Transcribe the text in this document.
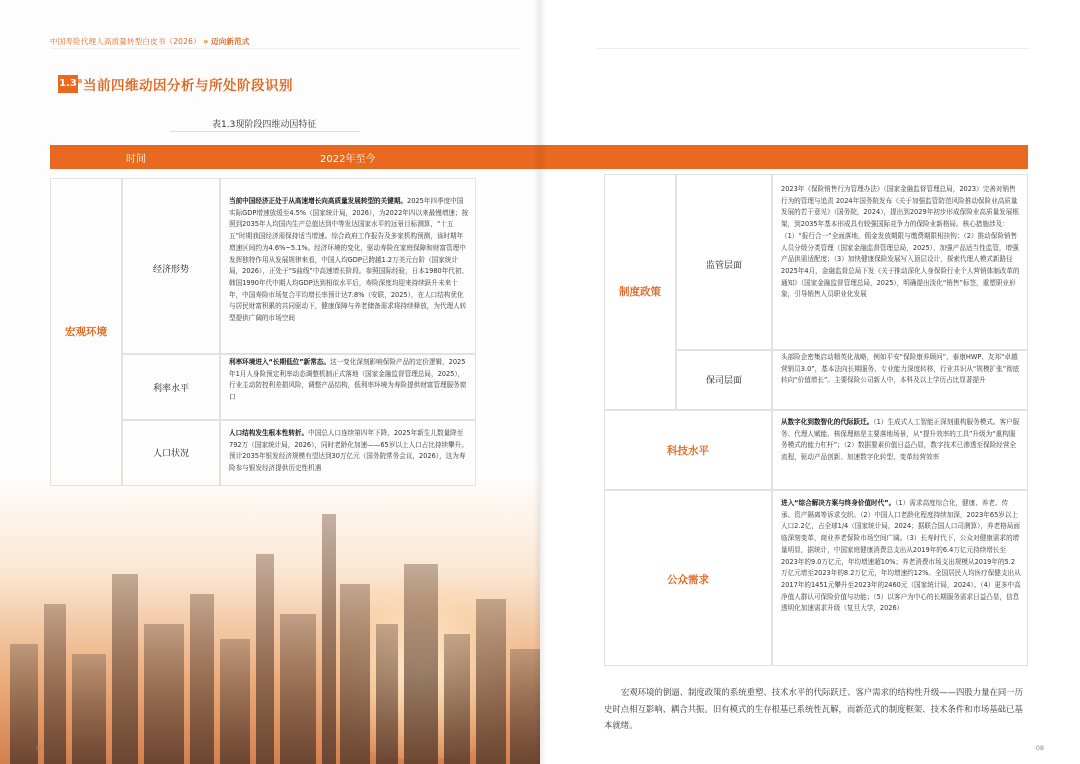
中国寿险代理人高质量转型白皮书（2026） » 迈向新范式
1.3 当前四维动因分析与所处阶段识别
表1.3现阶段四维动因特征
07	08
时间	2022年至今
宏观环境
经济形势
当前中国经济正处于从高速增长向高质量发展转型的关键期。2025年四季度中国实际GDP增速放缓至4.5%（国家统计局，2026），为2022年四以来最慢增速；按照到2035年人均国内生产总值达到中等发达国家水平的远景目标测算，“十五五”时期我国经济需保持适当增速。综合政府工作报告及多家机构预测，该时期年增速区间约为4.6%~5.1%。经济环境的变化，驱动寿险在家庭保障和财富管理中发挥独特作用从发展规律来看，中国人均GDP已跨越1.2万美元台阶（国家统计局，2026），正处于“S曲线”中高速增长阶段。参照国际经验，日本1980年代初、韩国1990年代中期人均GDP达到相似水平后，寿险深度均迎来持续跃升未来十年，中国寿险市场复合平均增长率预计达7.8%（安联，2025），在人口结构优化与居民财富积累的共同驱动下，健康保障与养老储备需求将持续释放，为代理人转型提供广阔的市场空间
利率水平
利率环境进入“长期低位”新常态。这一变化深刻影响保险产品的定价逻辑，2025年1月人身险预定利率动态调整机制正式落地（国家金融监督管理总局，2025），行业主动防控利差损风险，调整产品结构，低利率环境为寿险提供财富管理服务窗口
人口状况
人口结构发生根本性转折。中国总人口连续第四年下降，2025年新生儿数量降至792万（国家统计局，2026），同时老龄化加速——65岁以上人口占比持续攀升。预计2035年银发经济规模有望达到30万亿元（国务院常务会议，2026），这为寿险参与银发经济提供历史性机遇
制度政策
监管层面
2023年《保险销售行为管理办法》（国家金融监督管理总局，2023）完善对销售行为的管理与追责 2024年国务院发布《关于加强监管防范风险推动保险业高质量发展的若干意见》（国务院，2024），提出到2029年初步形成保险业高质量发展框架，到2035年基本形成具有较强国际竞争力的保险业新格局。核心措施涉及：（1）“报行合一”全面落地，佣金发放期限与缴费期限相挂钩；（2）推动保险销售人员分级分类管理（国家金融监督管理总局，2025），加强产品适当性监管，增强产品供需适配度；（3）加快健康保险发展写入顶层设计，探索代理人模式新路径 2025年4月，金融监督总局下发《关于推动深化人身保险行业个人营销体制改革的通知》（国家金融监督管理总局，2025），明确提出淡化“销售”标签，重塑职业形象，引导销售人员职业化发展
保司层面
头部险企密集启动精英化战略，例如平安“保险康养顾问”，泰康HWP、友邦“卓越营销员3.0”，基本法向长期服务、专业能力深度转移，行业共识从“规模扩张”彻底转向“价值增长”。主要保险公司新人中，本科及以上学历占比显著提升
科技水平
从数字化到数智化的代际跃迁。（1）生成式人工智能正深刻重构服务模式。客户服务、代理人赋能、核保理赔是主要落地场景，从“提升效率的工具”升级为“重构服务模式的能力杠杆”；（2）数据要素价值日益凸显，数字技术已渗透至保险经营全流程，驱动产品创新、加速数字化转型、变革经营效率
公众需求
进入“综合解决方案与终身价值时代”。（1）需求高度综合化，健康、养老、传承、资产隔离等诉求交织。（2）中国人口老龄化程度持续加深，2023年65岁以上人口2.2亿，占全球1/4（国家统计局，2024；据联合国人口司测算），养老格局面临深刻变革，商业养老保险市场空间广阔。（3）长寿时代下，公众对健康需求的增量明显，据统计，中国家庭健康消费总支出从2019年的6.4万亿元持续增长至2023年的9.0万亿元，年均增速超10%；养老消费市场支出规模从2019年的5.2万亿元增至2023年的8.2万亿元，年均增速约12%。全国居民人均医疗保健支出从2017年的1451元攀升至2023年的2460元（国家统计局，2024）。（4）更多中高净值人群认可保险价值与功能；（5）以客户为中心的长期服务需求日益凸显，信息透明化加速需求升级（复旦大学，2026）
宏观环境的倒逼、制度政策的系统重塑、技术水平的代际跃迁、客户需求的结构性升级——四股力量在同一历史时点相互影响、耦合共振。旧有模式的生存根基已系统性瓦解，而新范式的制度框架、技术条件和市场基础已基本就绪。
